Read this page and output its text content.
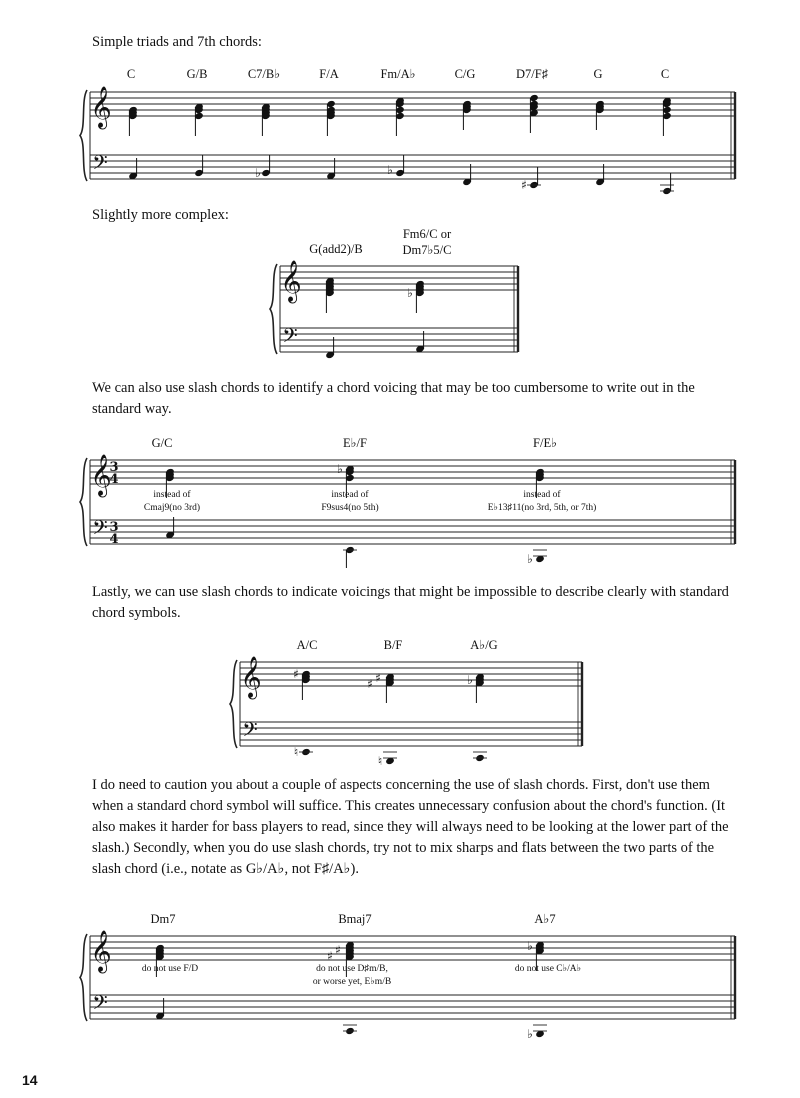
Simple triads and 7th chords:

Slightly more complex:

We can also use slash chords to identify a chord voicing that may be too cumbersome to write out in the standard way.

Lastly, we can use slash chords to indicate voicings that might be impossible to describe clearly with standard chord symbols.

I do need to caution you about a couple of aspects concerning the use of slash chords. First, don't use them when a standard chord symbol will suffice. This creates unnecessary confusion about the chord's function. (It also makes it harder for bass players to read, since they will always need to be looking at the lower part of the slash.) Secondly, when you do use slash chords, try not to mix sharps and flats between the two parts of the slash chord (i.e., notate as G♭/A♭, not F♯/A♭).

𝄞
𝄢
C	G/B	C7/B♭	F/A	Fm/A♭	C/G	D7/F♯	G	C
♭	♭
♯
𝄞
𝄢
G(add2)/B
Fm6/C or
Dm7♭5/C
♭
𝄞
𝄢
3
4
3
4
G/C	E♭/F	F/E♭
♭
♭
instead of
Cmaj9(no 3rd)
instead of
F9sus4(no 5th)
instead of
E♭13♯11(no 3rd, 5th, or 7th)
𝄞
𝄢
A/C	B/F	A♭/G
♯	♯
♯	♭
♮
♮
𝄞
𝄢
Dm7	Bmaj7	A♭7
♯
♯
♭
♭
do not use F/D	do not use D♯m/B,
or worse yet, E♭m/B
do not use C♭/A♭
14
